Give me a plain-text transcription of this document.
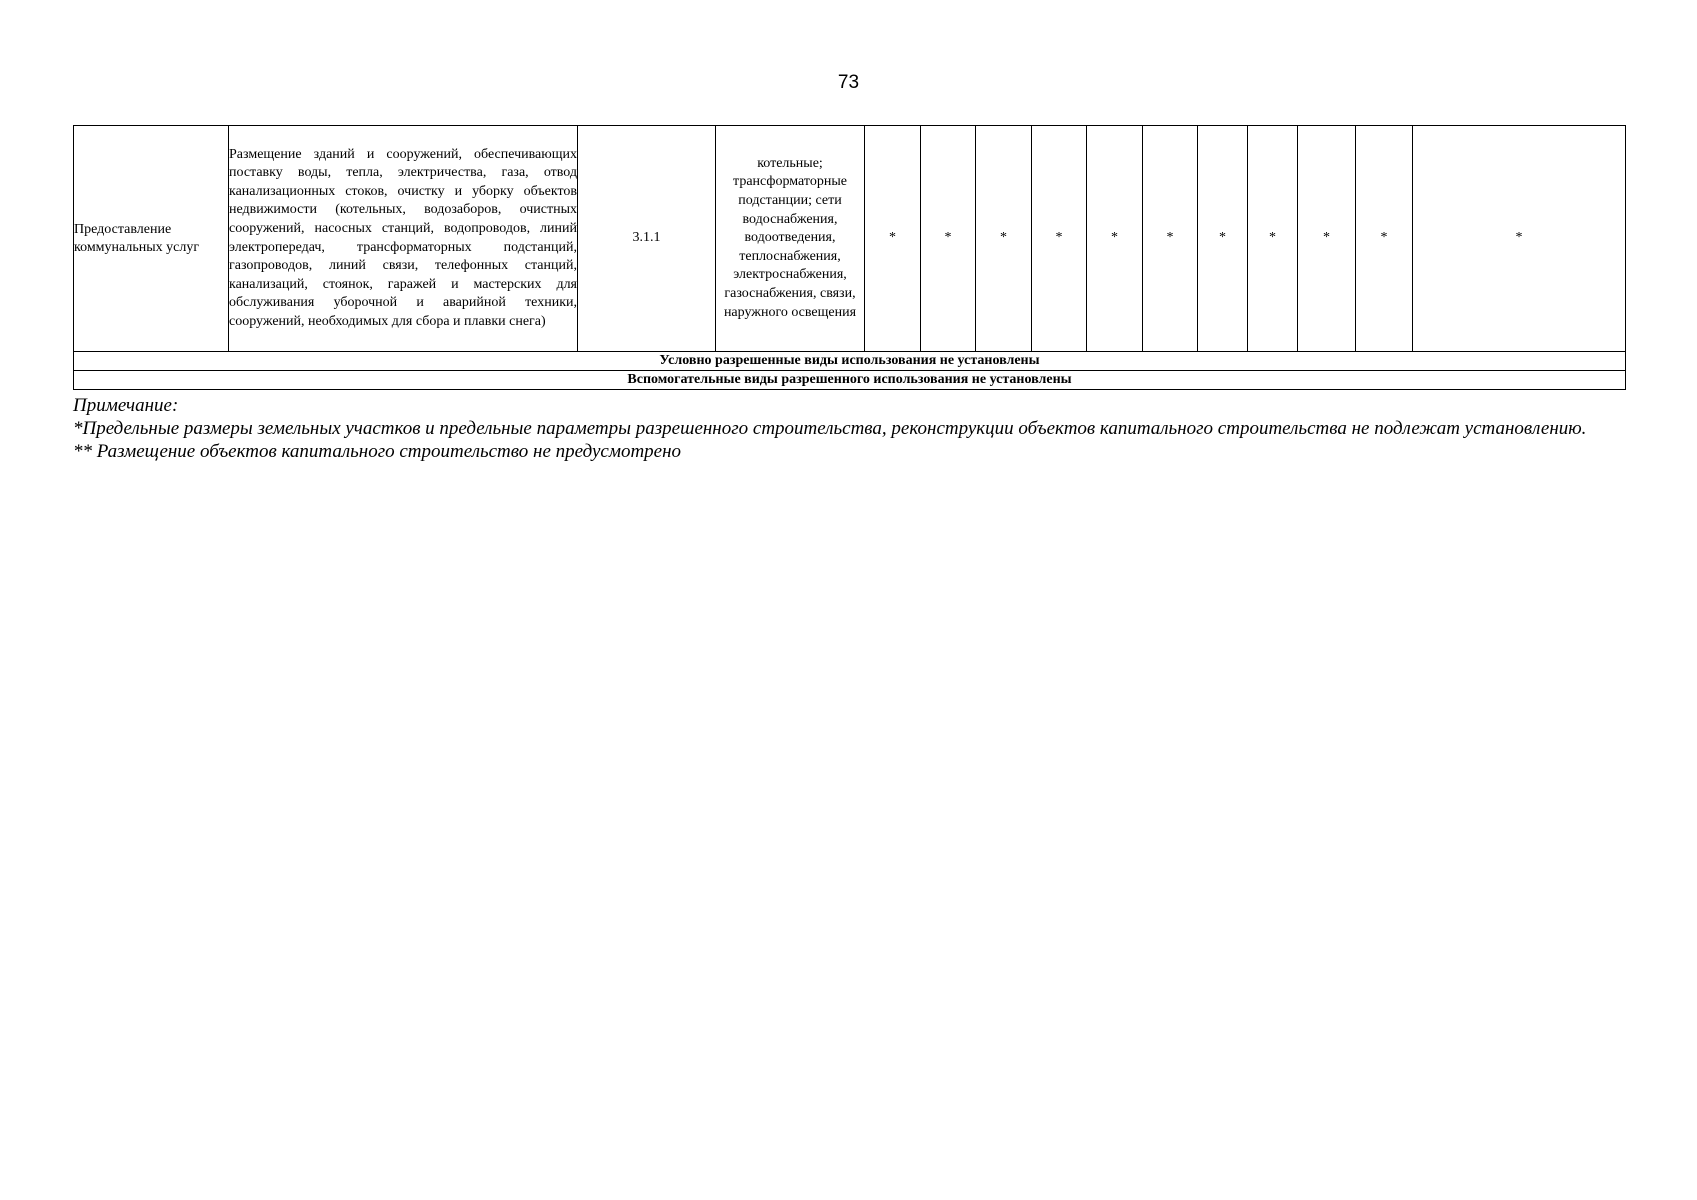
73
Предоставление коммунальных услуг	Размещение зданий и сооружений, обеспечивающих поставку воды, тепла, электричества, газа, отвод канализационных стоков, очистку и уборку объектов недвижимости (котельных, водозаборов, очистных сооружений, насосных станций, водопроводов, линий электропередач, трансформаторных подстанций, газопроводов, линий связи, телефонных станций, канализаций, стоянок, гаражей и мастерских для обслуживания уборочной и аварийной техники, сооружений, необходимых для сбора и плавки снега)	3.1.1	котельные; трансформаторные подстанции; сети водоснабжения, водоотведения, теплоснабжения, электроснабжения, газоснабжения, связи, наружного освещения	*	*	*	*	*	*	*	*	*	*	*
Условно разрешенные виды использования не установлены
Вспомогательные виды разрешенного использования не установлены

Примечание:

*Предельные размеры земельных участков и предельные параметры разрешенного строительства, реконструкции объектов капитального строительства не подлежат установлению.

** Размещение объектов капитального строительство не предусмотрено
